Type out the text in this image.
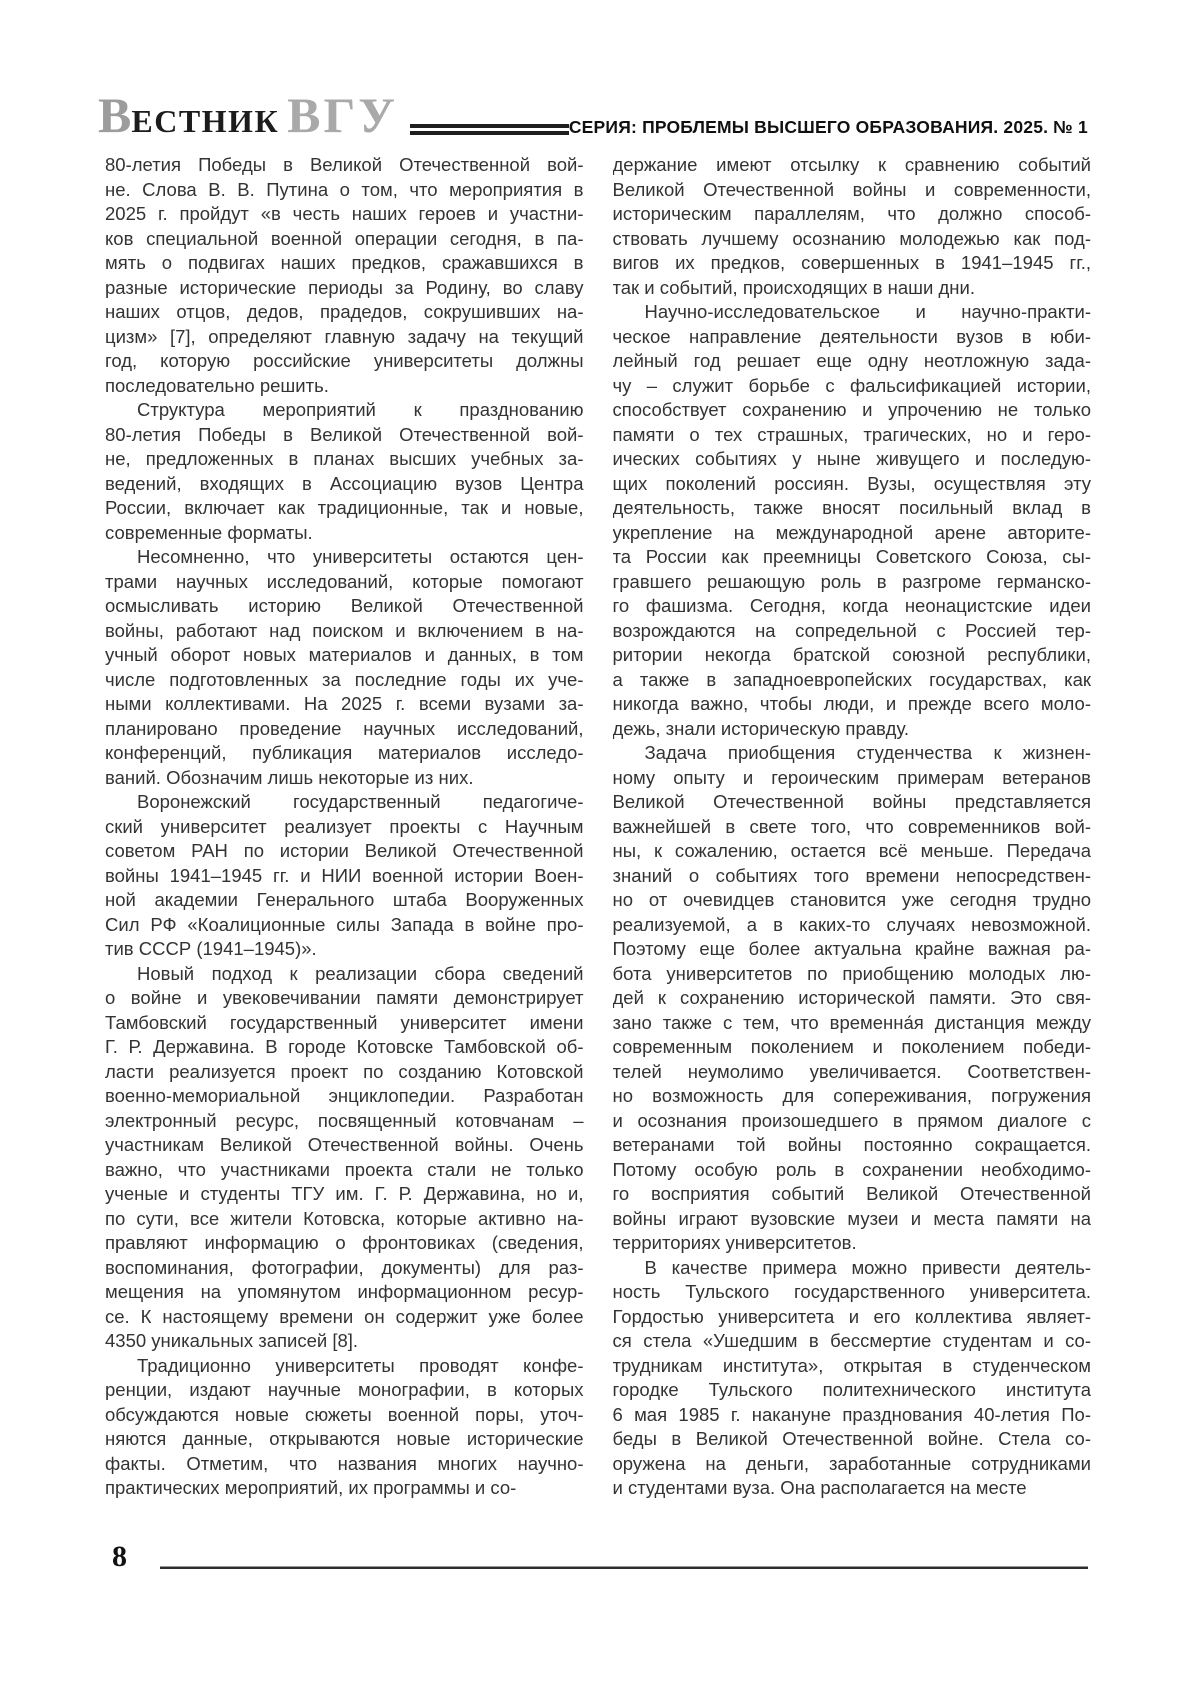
ВЕСТНИК ВГУ	СЕРИЯ: ПРОБЛЕМЫ ВЫСШЕГО ОБРАЗОВАНИЯ. 2025. № 1
80-летия Победы в Великой Отечественной вой-
не. Слова В. В. Путина о том, что мероприятия в
2025 г. пройдут «в честь наших героев и участни-
ков специальной военной операции сегодня, в па-
мять о подвигах наших предков, сражавшихся в
разные исторические периоды за Родину, во славу
наших отцов, дедов, прадедов, сокрушивших на-
цизм» [7], определяют главную задачу на текущий
год, которую российские университеты должны
последовательно решить.
Структура мероприятий к празднованию
80-летия Победы в Великой Отечественной вой-
не, предложенных в планах высших учебных за-
ведений, входящих в Ассоциацию вузов Центра
России, включает как традиционные, так и новые,
современные форматы.
Несомненно, что университеты остаются цен-
трами научных исследований, которые помогают
осмысливать историю Великой Отечественной
войны, работают над поиском и включением в на-
учный оборот новых материалов и данных, в том
числе подготовленных за последние годы их уче-
ными коллективами. На 2025 г. всеми вузами за-
планировано проведение научных исследований,
конференций, публикация материалов исследо-
ваний. Обозначим лишь некоторые из них.
Воронежский государственный педагогиче-
ский университет реализует проекты с Научным
советом РАН по истории Великой Отечественной
войны 1941–1945 гг. и НИИ военной истории Воен-
ной академии Генерального штаба Вооруженных
Сил РФ «Коалиционные силы Запада в войне про-
тив СССР (1941–1945)».
Новый подход к реализации сбора сведений
о войне и увековечивании памяти демонстрирует
Тамбовский государственный университет имени
Г. Р. Державина. В городе Котовске Тамбовской об-
ласти реализуется проект по созданию Котовской
военно-мемориальной энциклопедии. Разработан
электронный ресурс, посвященный котовчанам –
участникам Великой Отечественной войны. Очень
важно, что участниками проекта стали не только
ученые и студенты ТГУ им. Г. Р. Державина, но и,
по сути, все жители Котовска, которые активно на-
правляют информацию о фронтовиках (сведения,
воспоминания, фотографии, документы) для раз-
мещения на упомянутом информационном ресур-
се. К настоящему времени он содержит уже более
4350 уникальных записей [8].
Традиционно университеты проводят конфе-
ренции, издают научные монографии, в которых
обсуждаются новые сюжеты военной поры, уточ-
няются данные, открываются новые исторические
факты. Отметим, что названия многих научно-
практических мероприятий, их программы и со-
держание имеют отсылку к сравнению событий
Великой Отечественной войны и современности,
историческим параллелям, что должно способ-
ствовать лучшему осознанию молодежью как под-
вигов их предков, совершенных в 1941–1945 гг.,
так и событий, происходящих в наши дни.
Научно-исследовательское и научно-практи-
ческое направление деятельности вузов в юби-
лейный год решает еще одну неотложную зада-
чу – служит борьбе с фальсификацией истории,
способствует сохранению и упрочению не только
памяти о тех страшных, трагических, но и геро-
ических событиях у ныне живущего и последую-
щих поколений россиян. Вузы, осуществляя эту
деятельность, также вносят посильный вклад в
укрепление на международной арене авторите-
та России как преемницы Советского Союза, сы-
гравшего решающую роль в разгроме германско-
го фашизма. Сегодня, когда неонацистские идеи
возрождаются на сопредельной с Россией тер-
ритории некогда братской союзной республики,
а также в западноевропейских государствах, как
никогда важно, чтобы люди, и прежде всего моло-
дежь, знали историческую правду.
Задача приобщения студенчества к жизнен-
ному опыту и героическим примерам ветеранов
Великой Отечественной войны представляется
важнейшей в свете того, что современников вой-
ны, к сожалению, остается всё меньше. Передача
знаний о событиях того времени непосредствен-
но от очевидцев становится уже сегодня трудно
реализуемой, а в каких-то случаях невозможной.
Поэтому еще более актуальна крайне важная ра-
бота университетов по приобщению молодых лю-
дей к сохранению исторической памяти. Это свя-
зано также с тем, что временна́я дистанция между
современным поколением и поколением победи-
телей неумолимо увеличивается. Соответствен-
но возможность для сопереживания, погружения
и осознания произошедшего в прямом диалоге с
ветеранами той войны постоянно сокращается.
Потому особую роль в сохранении необходимо-
го восприятия событий Великой Отечественной
войны играют вузовские музеи и места памяти на
территориях университетов.
В качестве примера можно привести деятель-
ность Тульского государственного университета.
Гордостью университета и его коллектива являет-
ся стела «Ушедшим в бессмертие студентам и со-
трудникам института», открытая в студенческом
городке Тульского политехнического института
6 мая 1985 г. накануне празднования 40-летия По-
беды в Великой Отечественной войне. Стела со-
оружена на деньги, заработанные сотрудниками
и студентами вуза. Она располагается на месте
8
